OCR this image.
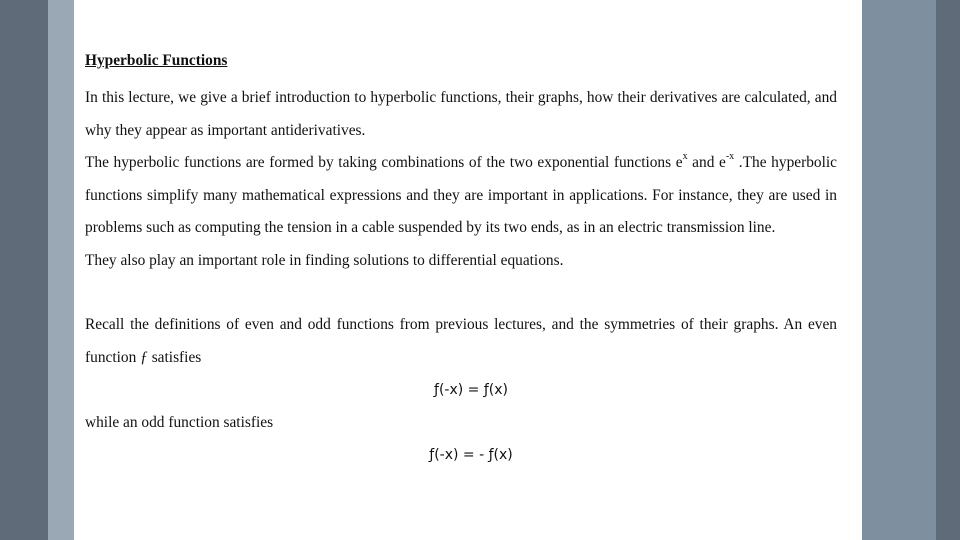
Hyperbolic Functions

In this lecture, we give a brief introduction to hyperbolic functions, their graphs, how their derivatives are calculated, and why they appear as important antiderivatives.

The hyperbolic functions are formed by taking combinations of the two exponential functions $e^x$ and $e^{-x}$ .The hyperbolic functions simplify many mathematical expressions and they are important in applications. For instance, they are used in problems such as computing the tension in a cable suspended by its two ends, as in an electric transmission line.

They also play an important role in finding solutions to differential equations.

Recall the definitions of even and odd functions from previous lectures, and the symmetries of their graphs. An even function ƒ satisfies

ƒ(-x) = ƒ(x)

while an odd function satisfies

ƒ(-x) = - ƒ(x)
